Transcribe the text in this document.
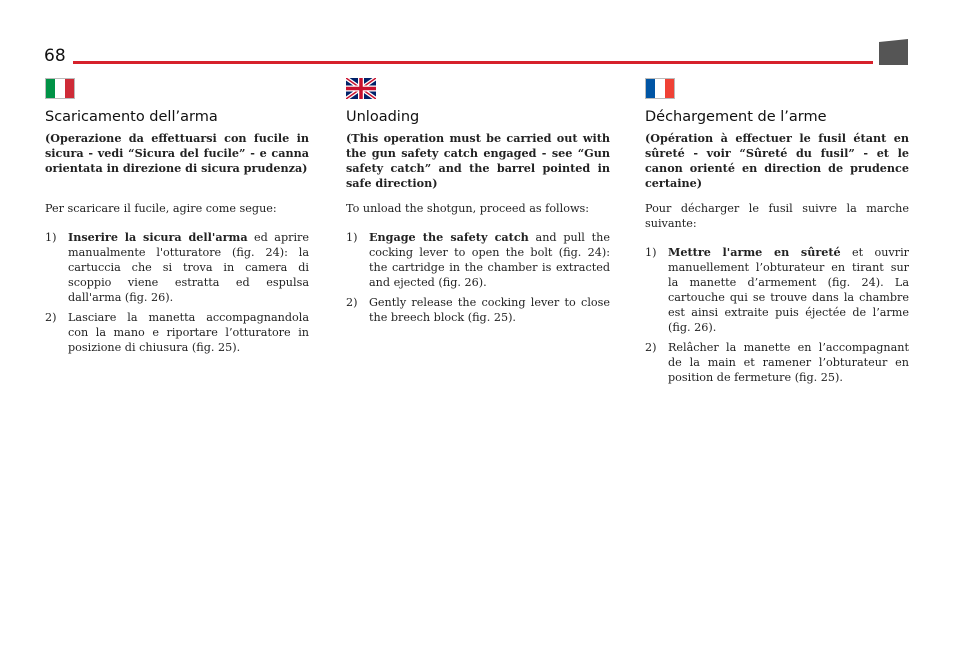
68
Scaricamento dell’arma

(Operazione da effettuarsi con fucile in sicura - vedi “Sicura del fucile” - e canna orientata in direzione di sicura prudenza)

Per scaricare il fucile, agire come segue:

1)	Inserire la sicura dell'arma ed aprire manualmente l'otturatore (fig. 24): la cartuccia che si trova in camera di scoppio viene estratta ed espulsa dall'arma (fig. 26).
2)	Lasciare la manetta accompagnandola con la mano e riportare l’otturatore in posizione di chiusura (fig. 25).
Unloading

(This operation must be carried out with the gun safety catch engaged - see “Gun safety catch” and the barrel pointed in safe direction)

To unload the shotgun, proceed as follows:

1)	Engage the safety catch and pull the cocking lever to open the bolt (fig. 24): the cartridge in the chamber is extracted and ejected (fig. 26).
2)	Gently release the cocking lever to close the breech block (fig. 25).
Déchargement de l’arme

(Opération à effectuer le fusil étant en sûreté - voir “Sûreté du fusil” - et le canon orienté en direction de prudence certaine)

Pour décharger le fusil suivre la marche suivante:

1)	Mettre l'arme en sûreté et ouvrir manuellement l’obturateur en tirant sur la manette d’armement (fig. 24). La cartouche qui se trouve dans la chambre est ainsi extraite puis éjectée de l’arme (fig. 26).
2)	Relâcher la manette en l’accompagnant de la main et ramener l’obturateur en position de fermeture (fig. 25).
